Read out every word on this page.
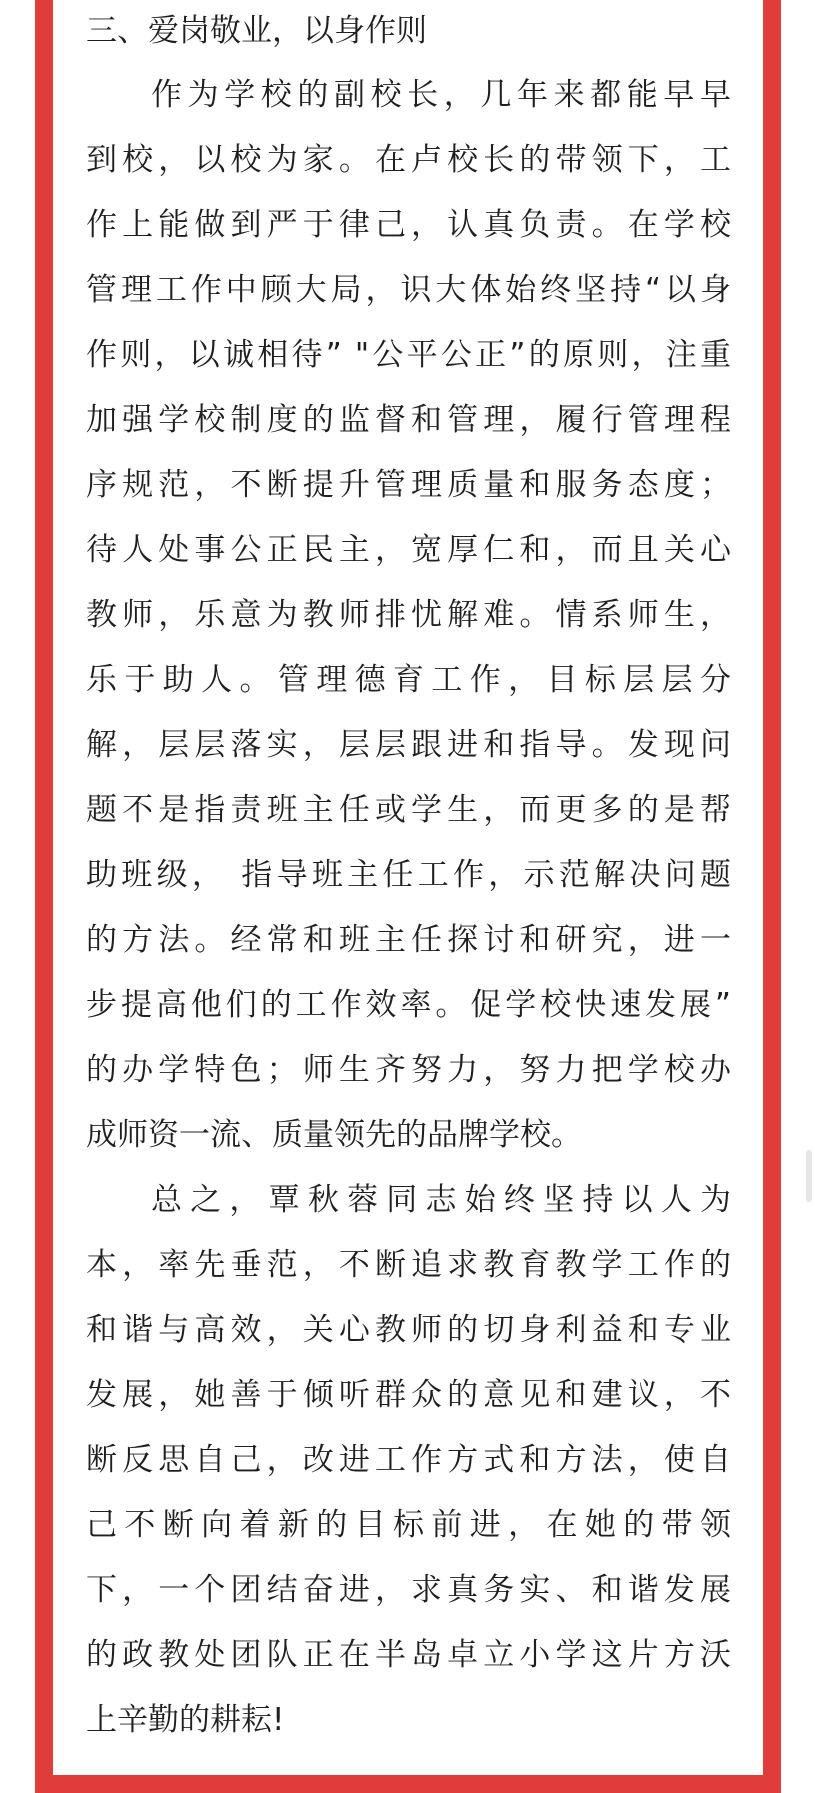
三、爱岗敬业，以身作则
作为学校的副校长，几年来都能早早
到校，以校为家。在卢校长的带领下，工
作上能做到严于律己，认真负责。在学校
管理工作中顾大局，识大体始终坚持“以身
作则，以诚相待” "公平公正”的原则，注重
加强学校制度的监督和管理，履行管理程
序规范，不断提升管理质量和服务态度；
待人处事公正民主，宽厚仁和，而且关心
教师，乐意为教师排忧解难。情系师生，
乐于助人。管理德育工作，目标层层分
解，层层落实，层层跟进和指导。发现问
题不是指责班主任或学生，而更多的是帮
助班级， 指导班主任工作，示范解决问题
的方法。经常和班主任探讨和研究，进一
步提高他们的工作效率。促学校快速发展”
的办学特色；师生齐努力，努力把学校办
成师资一流、质量领先的品牌学校。
总之，覃秋蓉同志始终坚持以人为
本，率先垂范，不断追求教育教学工作的
和谐与高效，关心教师的切身利益和专业
发展，她善于倾听群众的意见和建议，不
断反思自己，改进工作方式和方法，使自
己不断向着新的目标前进，在她的带领
下，一个团结奋进，求真务实、和谐发展
的政教处团队正在半岛卓立小学这片方沃
上辛勤的耕耘!
